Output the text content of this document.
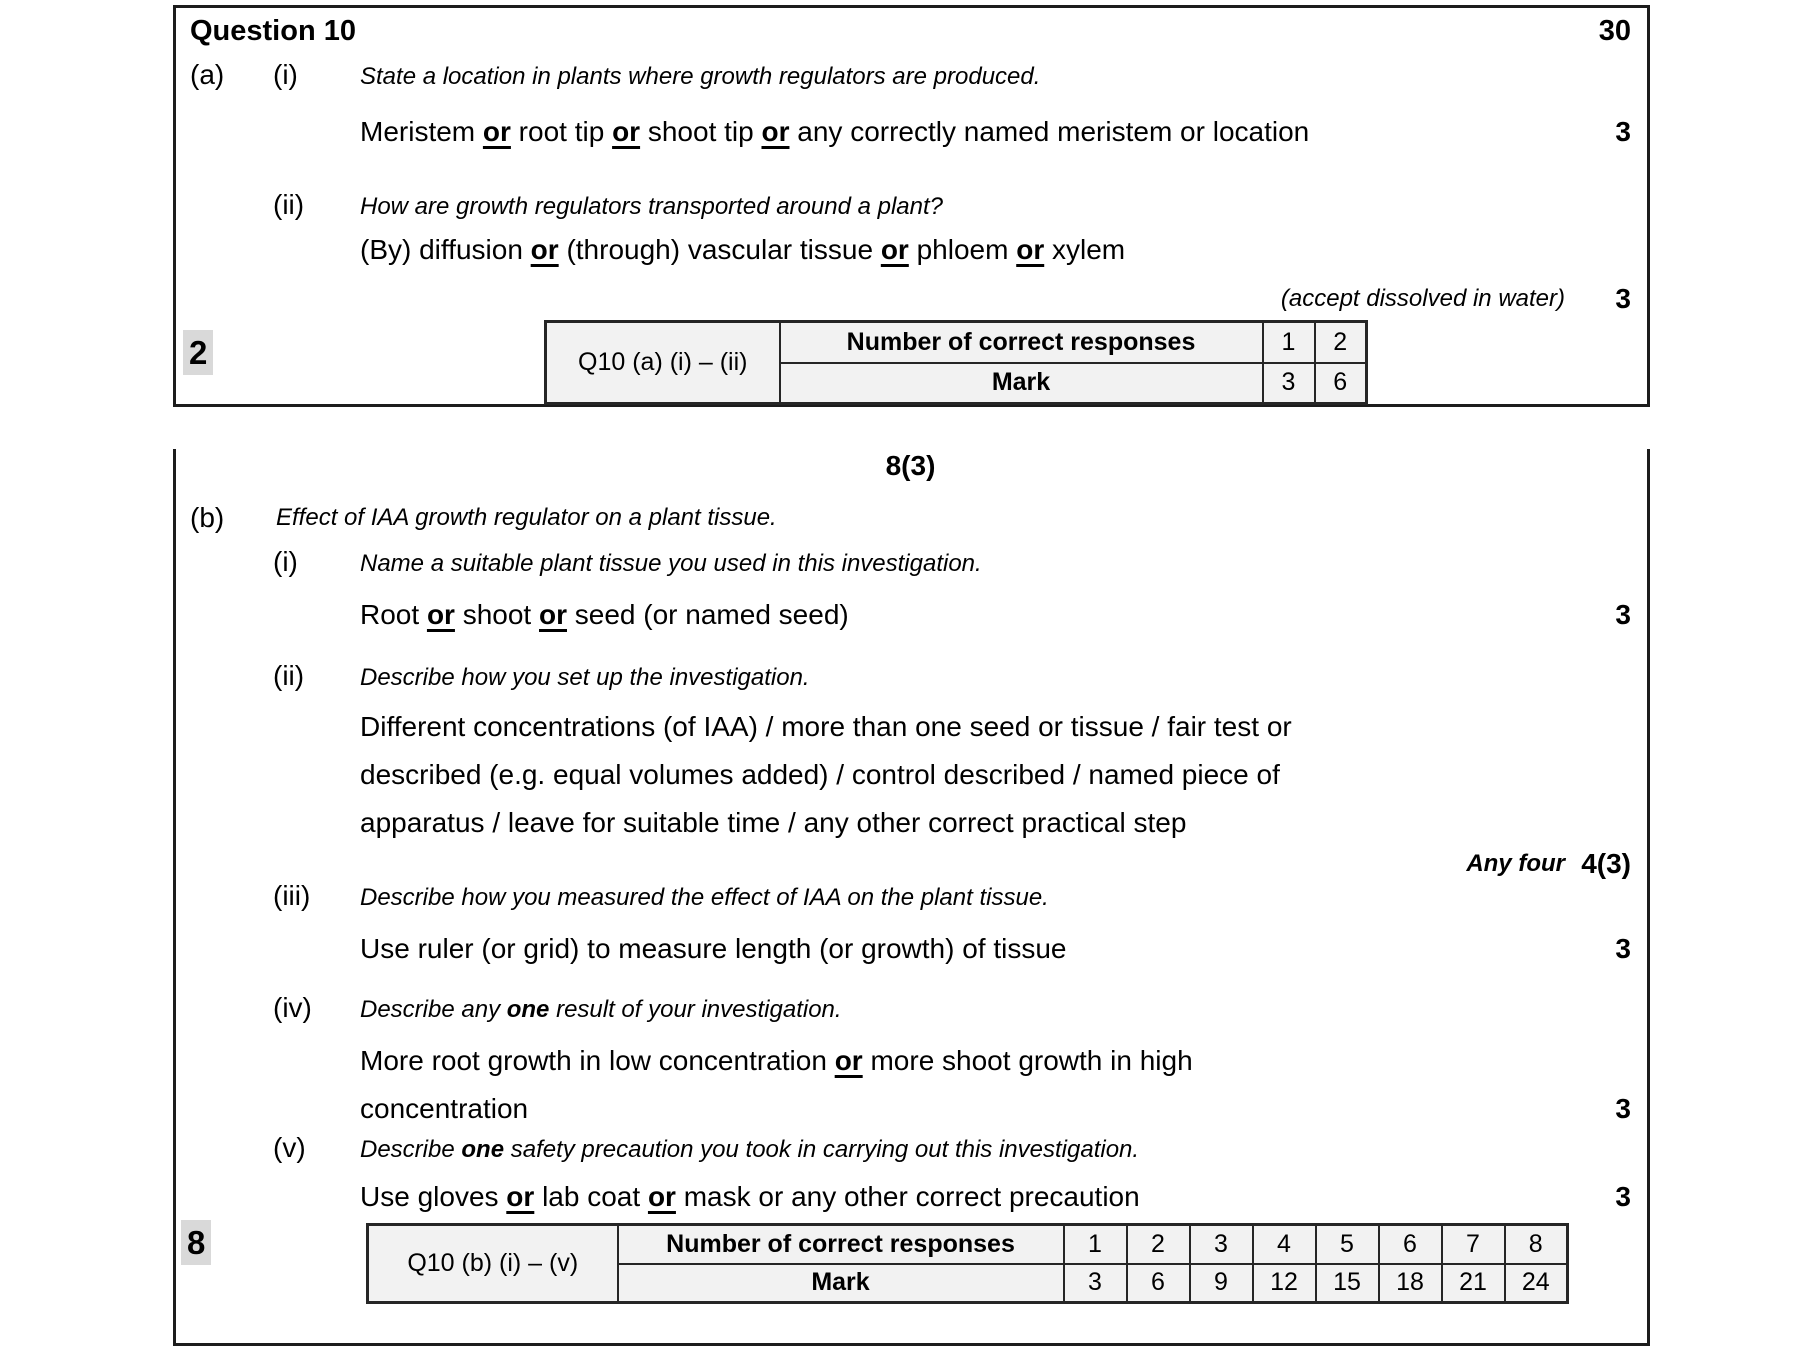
2
8
Question 10	30
(a)	(i)	State a location in plants where growth regulators are produced.
Meristem or root tip or shoot tip or any correctly named meristem or location	3
(ii)	How are growth regulators transported around a plant?
(By) diffusion or (through) vascular tissue or phloem or xylem
(accept dissolved in water)	3
Q10 (a) (i) – (ii)	Number of correct responses	1	2
	Mark	3	6
8(3)
(b)	Effect of IAA growth regulator on a plant tissue.
(i)	Name a suitable plant tissue you used in this investigation.
Root or shoot or seed (or named seed)	3
(ii)	Describe how you set up the investigation.
Different concentrations (of IAA) / more than one seed or tissue / fair test or described (e.g. equal volumes added) / control described / named piece of apparatus / leave for suitable time / any other correct practical step
Any four 4(3)
(iii)	Describe how you measured the effect of IAA on the plant tissue.
Use ruler (or grid) to measure length (or growth) of tissue	3
(iv)	Describe any one result of your investigation.
More root growth in low concentration or more shoot growth in high concentration	3
(v)	Describe one safety precaution you took in carrying out this investigation.
Use gloves or lab coat or mask or any other correct precaution	3
Q10 (b) (i) – (v)	Number of correct responses	1	2	3	4	5	6	7	8
	Mark	3	6	9	12	15	18	21	24
